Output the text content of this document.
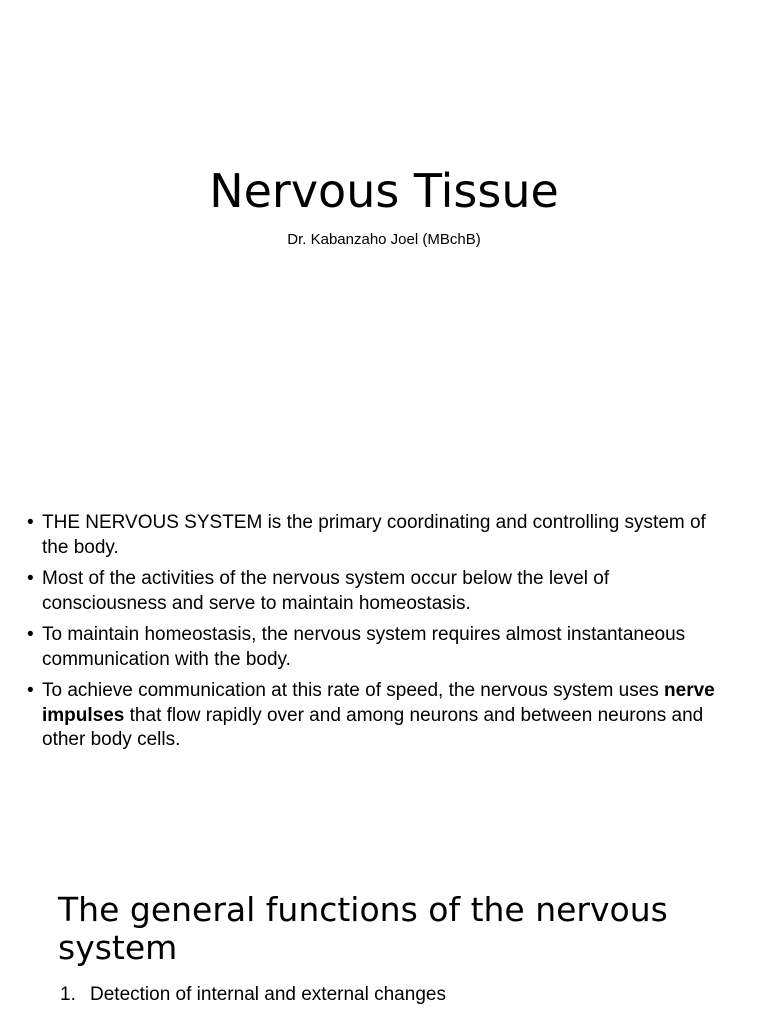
Nervous Tissue
Dr. Kabanzaho Joel (MBchB)
• THE NERVOUS SYSTEM is the primary coordinating and controlling system of the body.
• Most of the activities of the nervous system occur below the level of consciousness and serve to maintain homeostasis.
• To maintain homeostasis, the nervous system requires almost instantaneous communication with the body.
• To achieve communication at this rate of speed, the nervous system uses nerve impulses that flow rapidly over and among neurons and between neurons and other body cells.
The general functions of the nervous system
1. Detection of internal and external changes
